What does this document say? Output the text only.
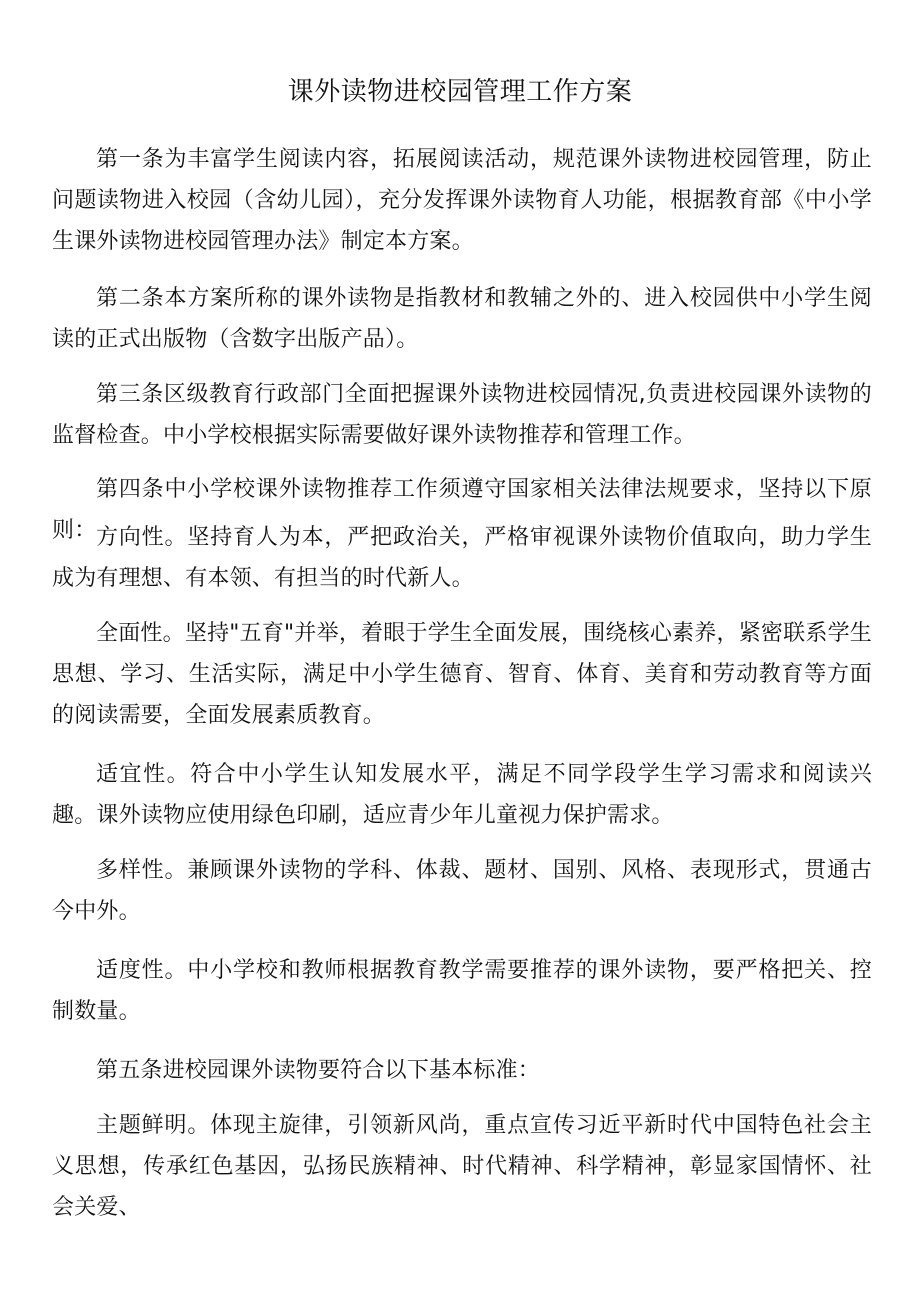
课外读物进校园管理工作方案

第一条为丰富学生阅读内容，拓展阅读活动，规范课外读物进校园管理，防止问题读物进入校园（含幼儿园），充分发挥课外读物育人功能，根据教育部《中小学生课外读物进校园管理办法》制定本方案。

第二条本方案所称的课外读物是指教材和教辅之外的、进入校园供中小学生阅读的正式出版物（含数字出版产品）。

第三条区级教育行政部门全面把握课外读物进校园情况,负责进校园课外读物的监督检查。中小学校根据实际需要做好课外读物推荐和管理工作。

第四条中小学校课外读物推荐工作须遵守国家相关法律法规要求，坚持以下原则： 方向性。坚持育人为本，严把政治关，严格审视课外读物价值取向，助力学生成为有理想、有本领、有担当的时代新人。

全面性。坚持"五育"并举，着眼于学生全面发展，围绕核心素养，紧密联系学生思想、学习、生活实际，满足中小学生德育、智育、体育、美育和劳动教育等方面的阅读需要，全面发展素质教育。

适宜性。符合中小学生认知发展水平，满足不同学段学生学习需求和阅读兴趣。课外读物应使用绿色印刷，适应青少年儿童视力保护需求。

多样性。兼顾课外读物的学科、体裁、题材、国别、风格、表现形式，贯通古今中外。

适度性。中小学校和教师根据教育教学需要推荐的课外读物，要严格把关、控制数量。

第五条进校园课外读物要符合以下基本标准：

主题鲜明。体现主旋律，引领新风尚，重点宣传习近平新时代中国特色社会主义思想，传承红色基因，弘扬民族精神、时代精神、科学精神，彰显家国情怀、社会关爱、
